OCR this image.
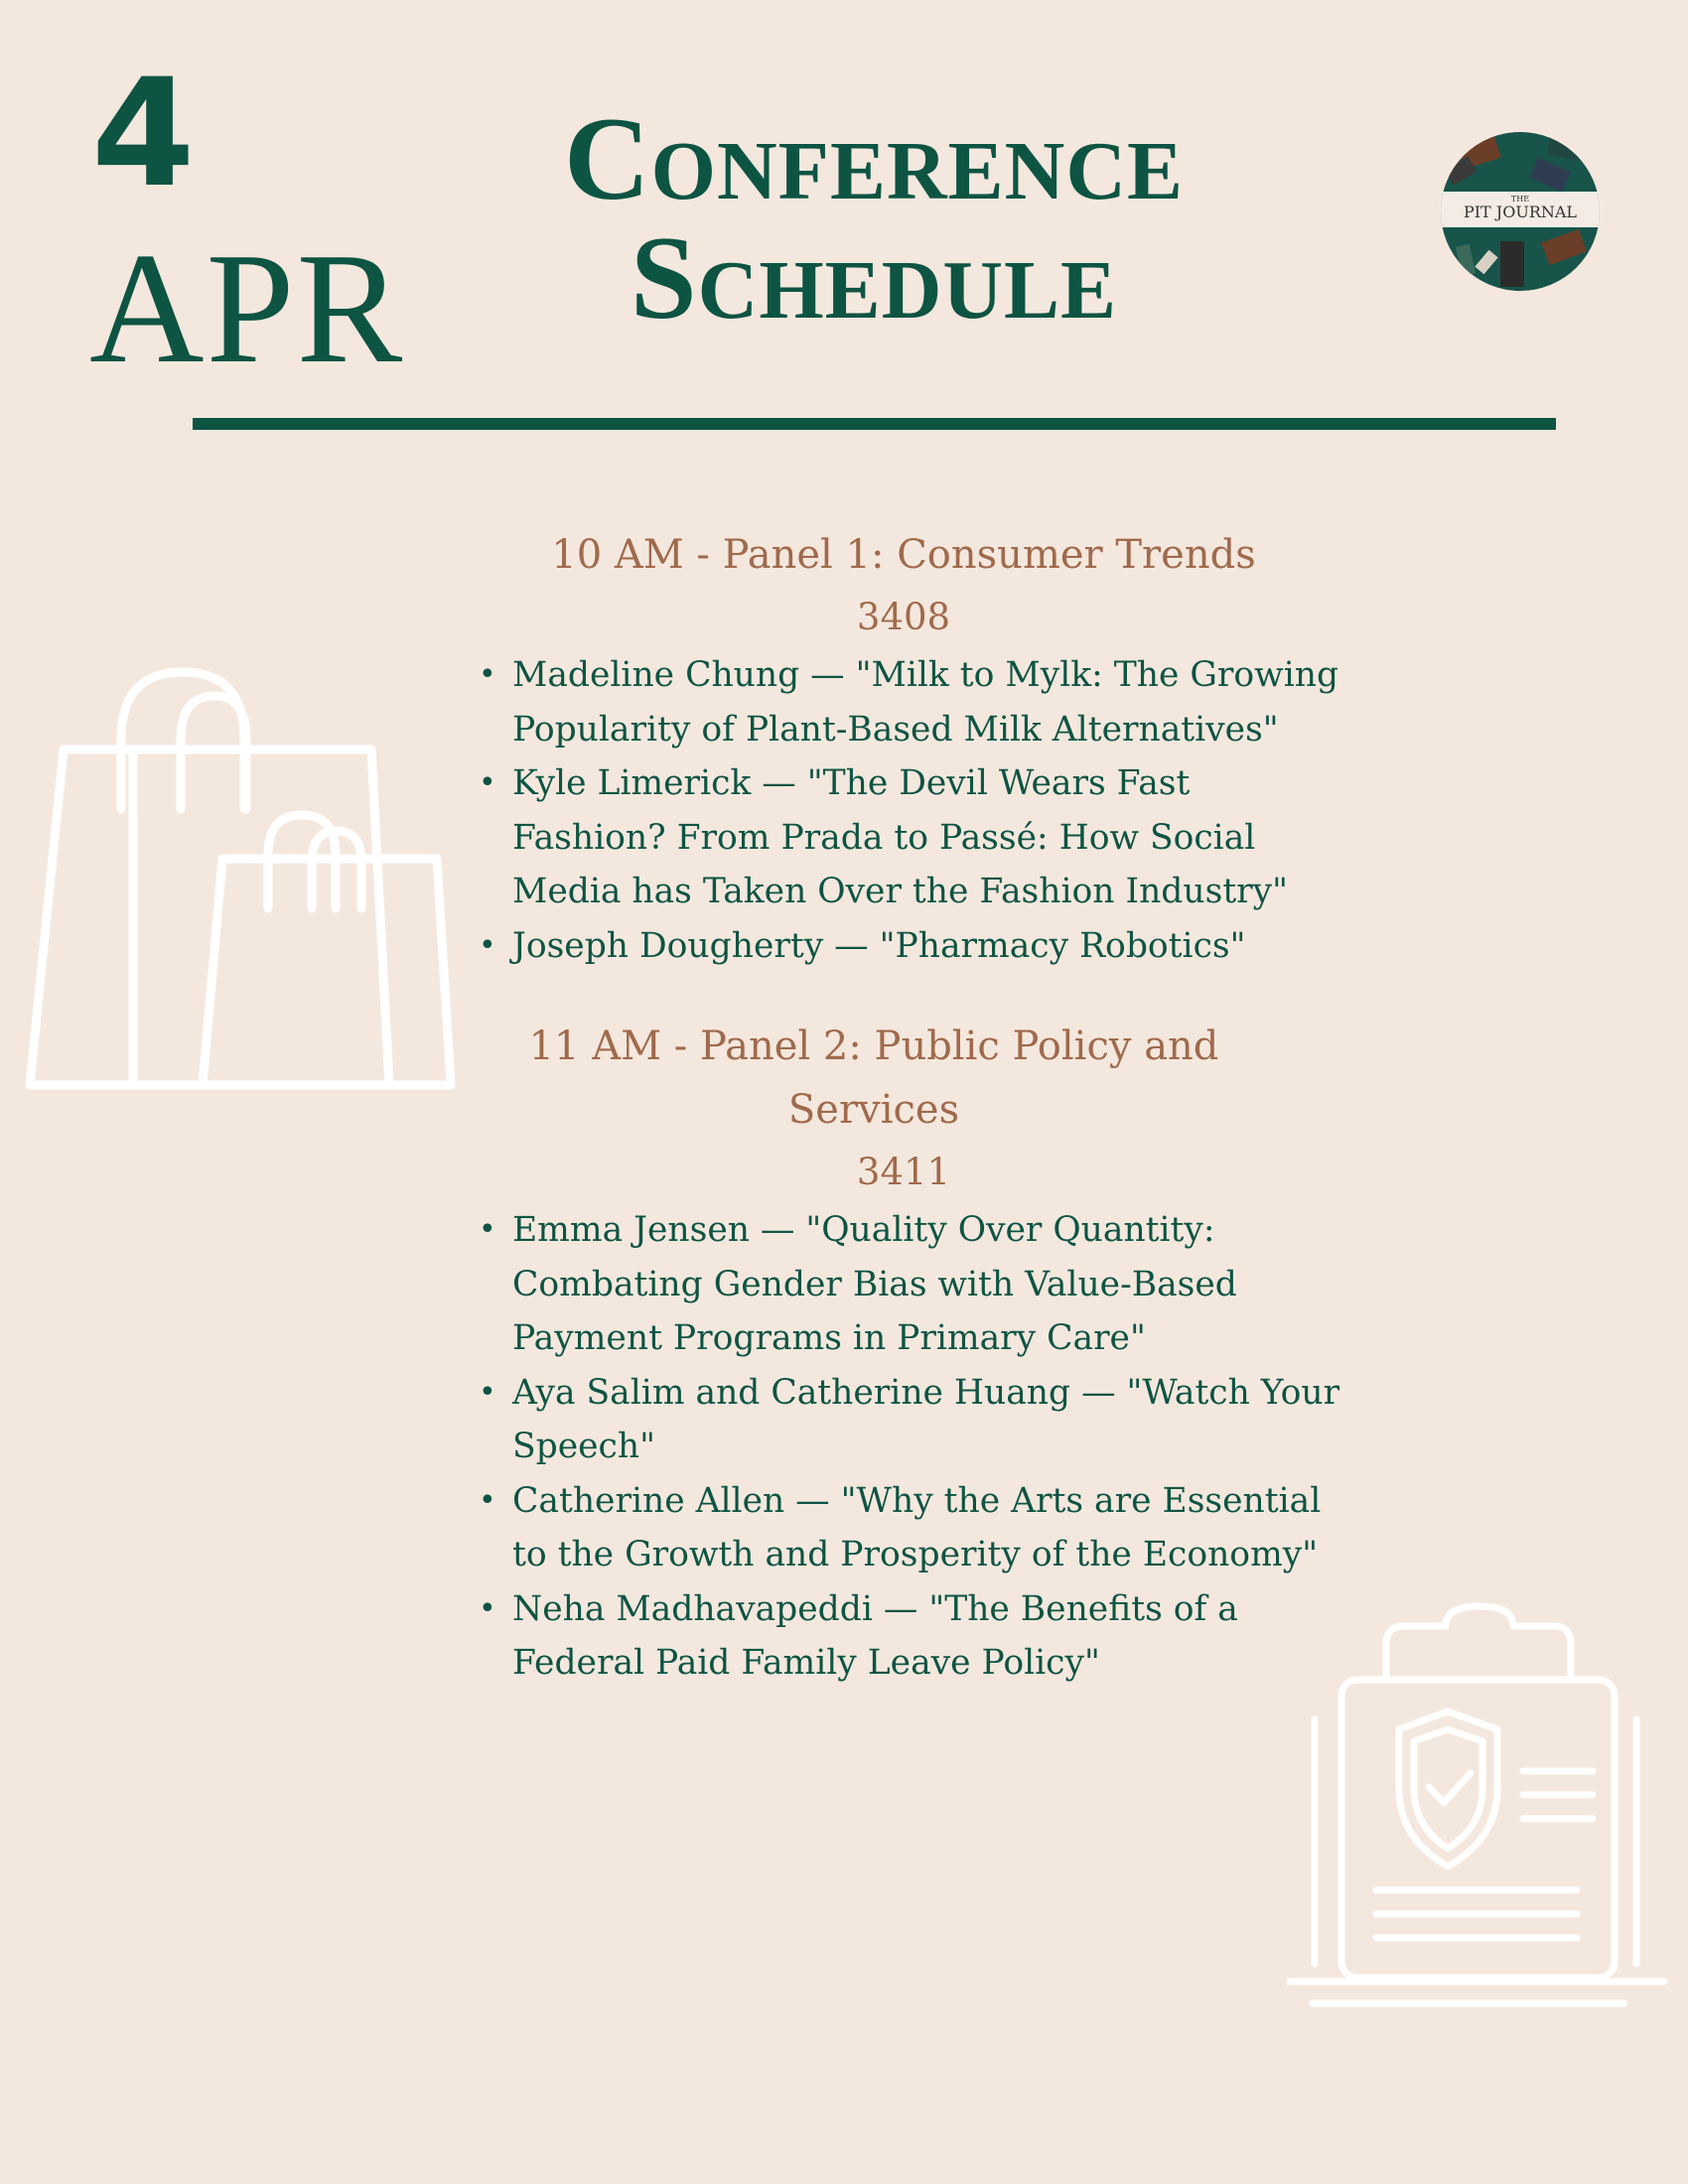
4
APR
Conference
Schedule
THE
PIT JOURNAL

10 AM - Panel 1: Consumer Trends

3408

• Madeline Chung — "Milk to Mylk: The Growing Popularity of Plant-Based Milk Alternatives"
• Kyle Limerick — "The Devil Wears Fast Fashion? From Prada to Passé: How Social Media has Taken Over the Fashion Industry"
• Joseph Dougherty — "Pharmacy Robotics"

11 AM - Panel 2: Public Policy and Services

3411

• Emma Jensen — "Quality Over Quantity: Combating Gender Bias with Value-Based Payment Programs in Primary Care"
• Aya Salim and Catherine Huang — "Watch Your Speech"
• Catherine Allen — "Why the Arts are Essential to the Growth and Prosperity of the Economy"
• Neha Madhavapeddi — "The Benefits of a Federal Paid Family Leave Policy"
